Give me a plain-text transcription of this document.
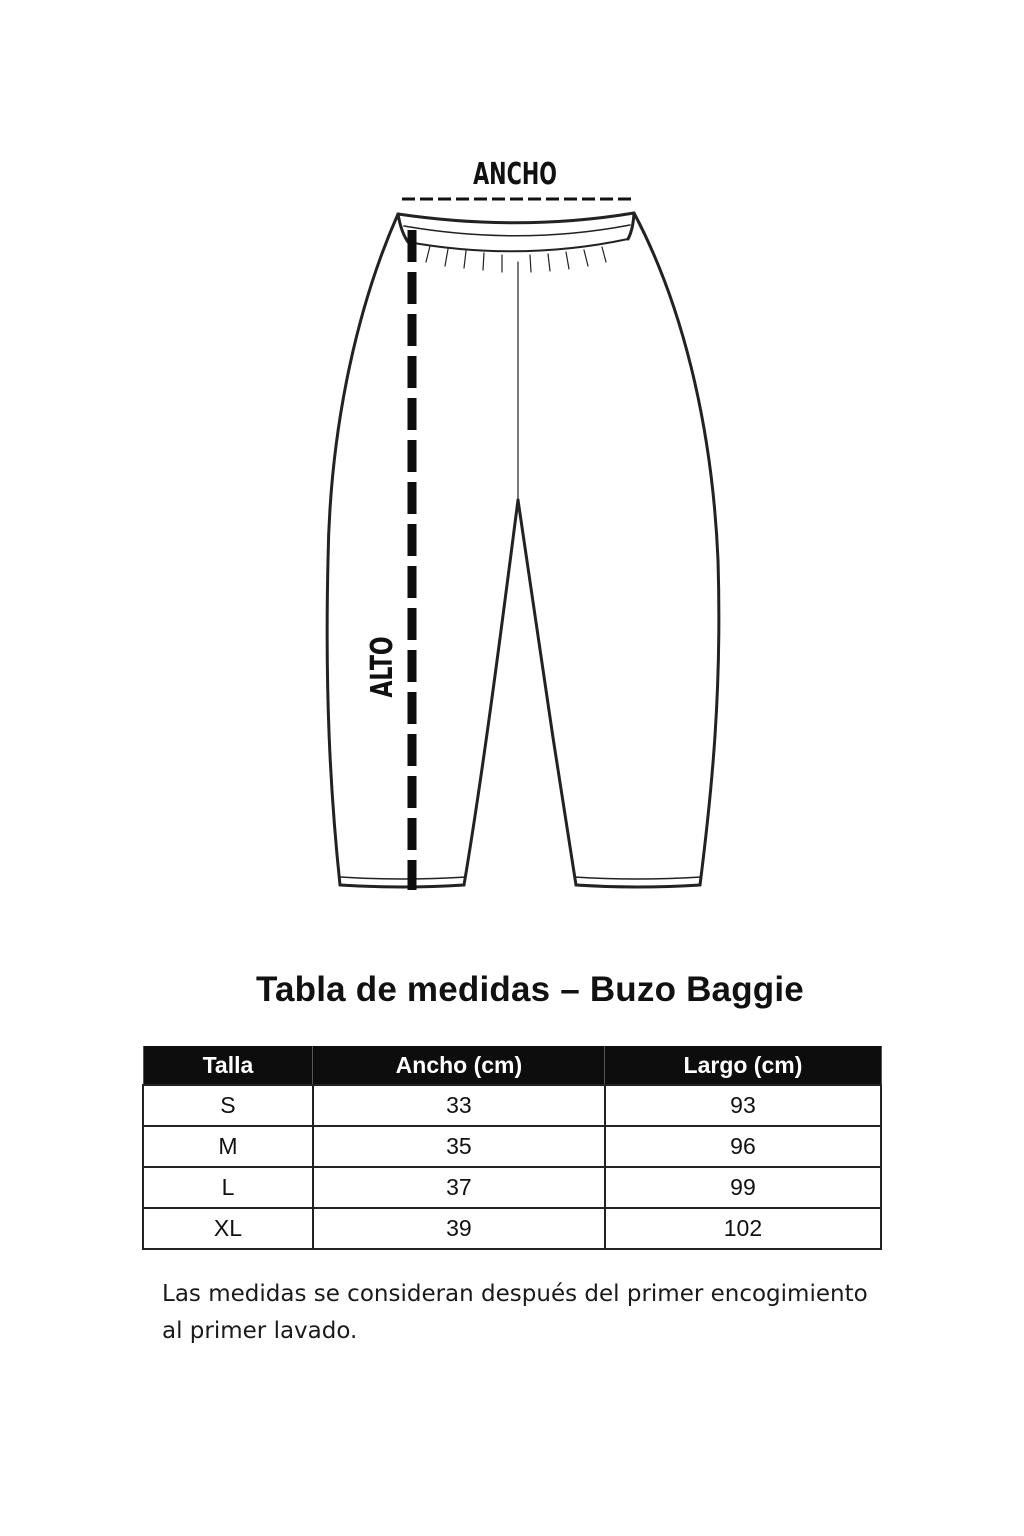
ANCHO
ALTO
Tabla de medidas – Buzo Baggie
Talla	Ancho (cm)	Largo (cm)
S	33	93
M	35	96
L	37	99
XL	39	102
Las medidas se consideran después del primer encogimiento al primer lavado.
